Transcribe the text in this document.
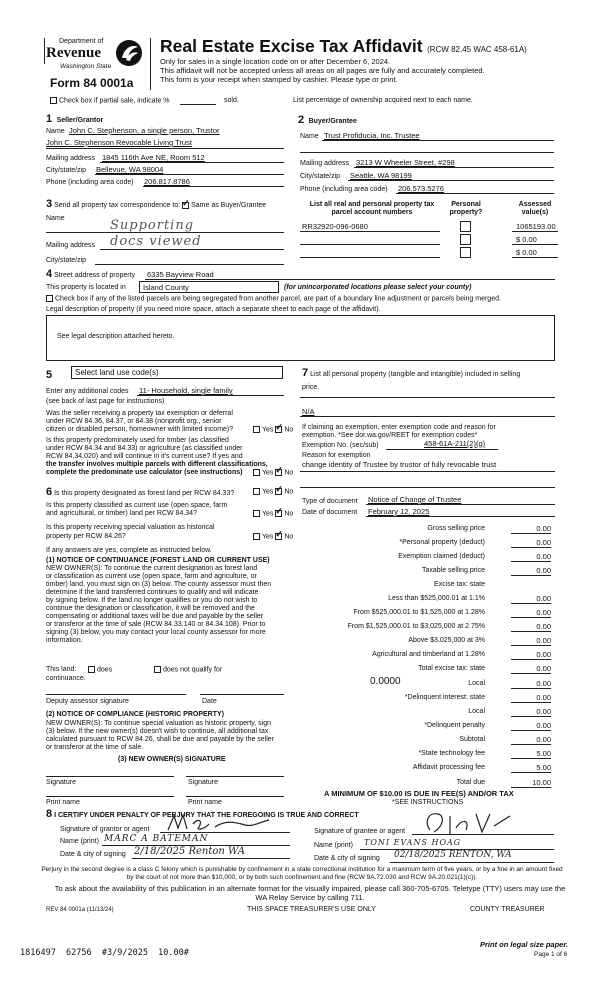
Department of
Revenue
Washington State
Form 84 0001a
Real Estate Excise Tax Affidavit (RCW 82.45 WAC 458-61A)
Only for sales in a single location code on or after December 6, 2024.
This affidavit will not be accepted unless all areas on all pages are fully and accurately completed.
This form is your receipt when stamped by cashier. Please type or print.
Check box if partial sale, indicate %	sold.	List percentage of ownership acquired next to each name.
1 Seller/Grantor
Name John C. Stephenson, a single person, Trustor
John C. Stephenson Revocable Living Trust
Mailing address 1845 116th Ave NE, Room 512
City/state/zip Bellevue, WA 98004
Phone (including area code) 206.817.8786
2 Buyer/Grantee
Name Trust Profiducia, Inc. Trustee
Mailing address 3213 W Wheeler Street, #298
City/state/zip Seattle, WA 98199
Phone (including area code) 206.573.5276
3 Send all property tax correspondence to: ✓ Same as Buyer/Grantee
Name	Supporting
Mailing address docs viewed
City/state/zip
List all real and personal property tax parcel account numbers
Personal property?
Assessed value(s)
RR32920-096-0680	1065193.00
$ 0.00
$ 0.00
4 Street address of property 6335 Bayview Road
This property is located in Island County	(for unincorporated locations please select your county)
Check box if any of the listed parcels are being segregated from another parcel, are part of a boundary line adjustment or parcels being merged.
Legal description of property (if you need more space, attach a separate sheet to each page of the affidavit).
See legal description attached hereto.
5	Select land use code(s)
Enter any additional codes 11- Household, single family
(see back of last page for instructions)
Was the seller receiving a property tax exemption or deferral
under RCW 84.36, 84.37, or 84.38 (nonprofit org., senior
citizen or disabled person, homeowner with limited income)?	Yes ✓ No
Is this property predominately used for timber (as classified
under RCW 84.34 and 84.33) or agriculture (as classified under
RCW 84.34.020) and will continue in it's current use? If yes and
the transfer involves multiple parcels with different classifications,
complete the predominate use calculator (see instructions)	Yes ✓ No
6 Is this property designated as forest land per RCW 84.33?	Yes ✓ No
Is this property classified as current use (open space, farm
and agricultural, or timber) land per RCW 84.34?	Yes ✓ No
Is this property receiving special valuation as historical
property per RCW 84.26?	Yes ✓ No
If any answers are yes, complete as instructed below.
(1) NOTICE OF CONTINUANCE (FOREST LAND OR CURRENT USE)
NEW OWNER(S): To continue the current designation as forest land
or classification as current use (open space, farm and agriculture, or
timber) land, you must sign on (3) below. The county assessor must then
determine if the land transferred continues to qualify and will indicate
by signing below. If the land no longer qualifies or you do not wish to
continue the designation or classification, it will be removed and the
compensating or additional taxes will be due and payable by the seller
or transferor at the time of sale (RCW 84.33.140 or 84.34.108). Prior to
signing (3) below, you may contact your local county assessor for more
information.
This land:	does	does not qualify for
continuance.
Deputy assessor signature	Date
(2) NOTICE OF COMPLIANCE (HISTORIC PROPERTY)
NEW OWNER(S): To continue special valuation as historic property, sign
(3) below. If the new owner(s) doesn't wish to continue, all additional tax
calculated pursuant to RCW 84.26, shall be due and payable by the seller
or transferor at the time of sale.
(3) NEW OWNER(S) SIGNATURE
Signature	Signature
Print name	Print name
7 List all personal property (tangible and intangible) included in selling
price.
N/A
If claiming an exemption, enter exemption code and reason for
exemption. *See dor.wa.gov/REET for exemption codes*
Exemption No. (sec/sub)	458-61A-211(2)(g)
Reason for exemption
change identity of Trustee by trustor of fully revocable trust
Type of document Notice of Change of Trustee
Date of document February 12, 2025
Gross selling price	0.00
*Personal property (deduct)	0.00
Exemption claimed (deduct)	0.00
Taxable selling price	0.00
Excise tax: state
Less than $525,000.01 at 1.1%	0.00
From $525,000.01 to $1,525,000 at 1.28%	0.00
From $1,525,000.01 to $3,025,000 at 2.75%	0.00
Above $3,025,000 at 3%	0.00
Agricultural and timberland at 1.28%	0.00
Total excise tax: state	0.00
0.0000	Local	0.00
*Delinquent interest: state	0.00
Local	0.00
*Delinquent penalty	0.00
Subtotal	0.00
*State technology fee	5.00
Affidavit processing fee	5.00
Total due	10.00
A MINIMUM OF $10.00 IS DUE IN FEE(S) AND/OR TAX
*SEE INSTRUCTIONS
8 I CERTIFY UNDER PENALTY OF PERJURY THAT THE FOREGOING IS TRUE AND CORRECT
Signature of grantor or agent
Name (print) MARC A BATEMAN
Date & city of signing 2/18/2025 Renton WA
Signature of grantee or agent
Name (print) TONI EVANS HOAG
Date & city of signing 02/18/2025 RENTON, WA
Perjury in the second degree is a class C felony which is punishable by confinement in a state correctional institution for a maximum term of five years, or by a fine in an amount fixed by the court of not more than $10,000, or by both such confinement and fine (RCW 9A.72.030 and RCW 9A.20.021(1)(c)).
To ask about the availability of this publication in an alternate format for the visually impaired, please call 360-705-6705. Teletype (TTY) users may use the WA Relay Service by calling 711.
REV 84 0001a (11/13/24)	THIS SPACE TREASURER'S USE ONLY	COUNTY TREASURER
1816497  62756  #3/9/2025  10.00#
Print on legal size paper.
Page 1 of 6
